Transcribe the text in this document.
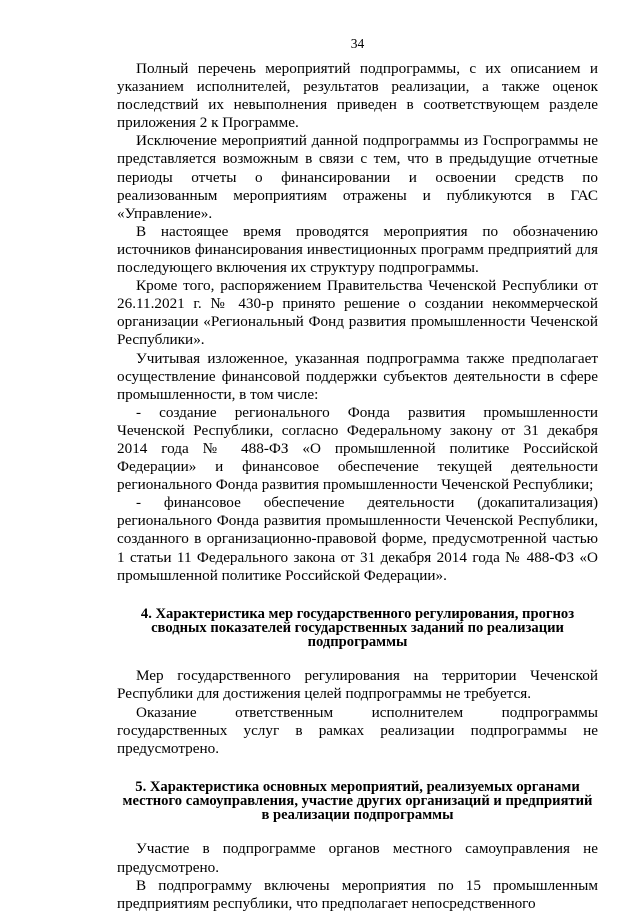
34

Полный перечень мероприятий подпрограммы, с их описанием и указанием исполнителей, результатов реализации, а также оценок последствий их невыполнения приведен в соответствующем разделе приложения 2 к Программе.

Исключение мероприятий данной подпрограммы из Госпрограммы не представляется возможным в связи с тем, что в предыдущие отчетные периоды отчеты о финансировании и освоении средств по реализованным мероприятиям отражены и публикуются в ГАС «Управление».

В настоящее время проводятся мероприятия по обозначению источников финансирования инвестиционных программ предприятий для последующего включения их структуру подпрограммы.

Кроме того, распоряжением Правительства Чеченской Республики от 26.11.2021 г. № 430-р принято решение о создании некоммерческой организации «Региональный Фонд развития промышленности Чеченской Республики».

Учитывая изложенное, указанная подпрограмма также предполагает осуществление финансовой поддержки субъектов деятельности в сфере промышленности, в том числе:

- создание регионального Фонда развития промышленности Чеченской Республики, согласно Федеральному закону от 31 декабря 2014 года № 488-ФЗ «О промышленной политике Российской Федерации» и финансовое обеспечение текущей деятельности регионального Фонда развития промышленности Чеченской Республики;

- финансовое обеспечение деятельности (докапитализация) регионального Фонда развития промышленности Чеченской Республики, созданного в организационно-правовой форме, предусмотренной частью 1 статьи 11 Федерального закона от 31 декабря 2014 года № 488-ФЗ «О промышленной политике Российской Федерации».

4. Характеристика мер государственного регулирования, прогноз сводных показателей государственных заданий по реализации подпрограммы

Мер государственного регулирования на территории Чеченской Республики для достижения целей подпрограммы не требуется.

Оказание ответственным исполнителем подпрограммы государственных услуг в рамках реализации подпрограммы не предусмотрено.

5. Характеристика основных мероприятий, реализуемых органами местного самоуправления, участие других организаций и предприятий в реализации подпрограммы

Участие в подпрограмме органов местного самоуправления не предусмотрено.

В подпрограмму включены мероприятия по 15 промышленным предприятиям республики, что предполагает непосредственного
